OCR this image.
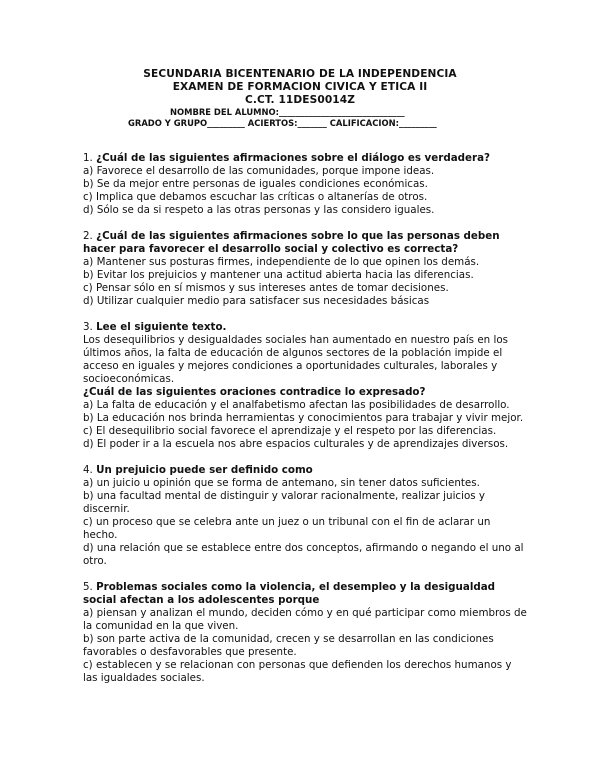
SECUNDARIA BICENTENARIO DE LA INDEPENDENCIA
EXAMEN DE FORMACION CIVICA Y ETICA II
C.CT. 11DES0014Z
NOMBRE DEL ALUMNO:______________________________
GRADO Y GRUPO_________ ACIERTOS:_______ CALIFICACION:_________

1. ¿Cuál de las siguientes afirmaciones sobre el diálogo es verdadera?

a) Favorece el desarrollo de las comunidades, porque impone ideas.

b) Se da mejor entre personas de iguales condiciones económicas.

c) Implica que debamos escuchar las críticas o altanerías de otros.

d) Sólo se da si respeto a las otras personas y las considero iguales.

2. ¿Cuál de las siguientes afirmaciones sobre lo que las personas deben hacer para favorecer el desarrollo social y colectivo es correcta?

a) Mantener sus posturas firmes, independiente de lo que opinen los demás.

b) Evitar los prejuicios y mantener una actitud abierta hacia las diferencias.

c) Pensar sólo en sí mismos y sus intereses antes de tomar decisiones.

d) Utilizar cualquier medio para satisfacer sus necesidades básicas

3. Lee el siguiente texto.

Los desequilibrios y desigualdades sociales han aumentado en nuestro país en los últimos años, la falta de educación de algunos sectores de la población impide el acceso en iguales y mejores condiciones a oportunidades culturales, laborales y socioeconómicas.

¿Cuál de las siguientes oraciones contradice lo expresado?

a) La falta de educación y el analfabetismo afectan las posibilidades de desarrollo.

b) La educación nos brinda herramientas y conocimientos para trabajar y vivir mejor.

c) El desequilibrio social favorece el aprendizaje y el respeto por las diferencias.

d) El poder ir a la escuela nos abre espacios culturales y de aprendizajes diversos.

4. Un prejuicio puede ser definido como

a) un juicio u opinión que se forma de antemano, sin tener datos suficientes.

b) una facultad mental de distinguir y valorar racionalmente, realizar juicios y discernir.

c) un proceso que se celebra ante un juez o un tribunal con el fin de aclarar un hecho.

d) una relación que se establece entre dos conceptos, afirmando o negando el uno al otro.

5. Problemas sociales como la violencia, el desempleo y la desigualdad social afectan a los adolescentes porque

a) piensan y analizan el mundo, deciden cómo y en qué participar como miembros de la comunidad en la que viven.

b) son parte activa de la comunidad, crecen y se desarrollan en las condiciones favorables o desfavorables que presente.

c) establecen y se relacionan con personas que defienden los derechos humanos y las igualdades sociales.
